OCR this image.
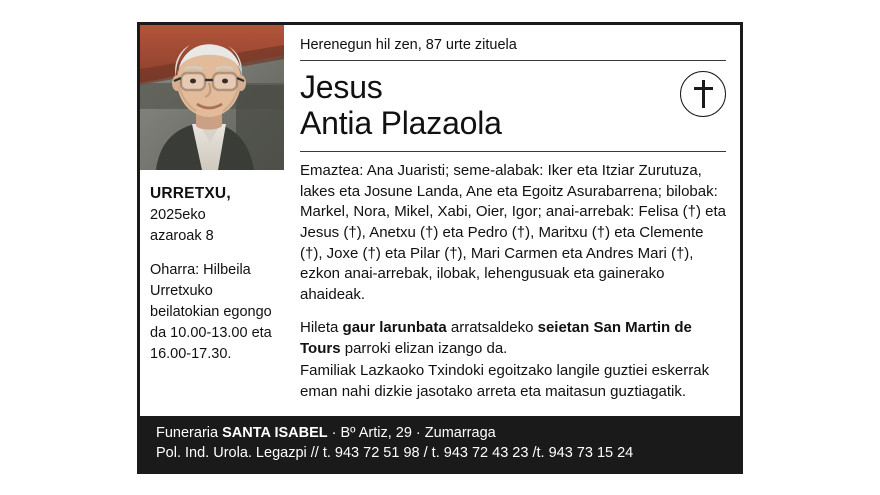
URRETXU,
2025eko
azaroak 8
Oharra: Hilbeila Urretxuko beilatokian egongo da 10.00-13.00 eta 16.00-17.30.
Herenegun hil zen, 87 urte zituela
Jesus
Antia Plazaola
Emaztea: Ana Juaristi; seme-alabak: Iker eta Itziar Zurutuza, lakes eta Josune Landa, Ane eta Egoitz Asurabarrena; bilobak: Markel, Nora, Mikel, Xabi, Oier, Igor; anai-arrebak: Felisa (†) eta Jesus (†), Anetxu (†) eta Pedro (†), Maritxu (†) eta Clemente (†), Joxe (†) eta Pilar (†), Mari Carmen eta Andres Mari (†), ezkon anai-arrebak, ilobak, lehengusuak eta gainerako ahaideak.
Hileta gaur larunbata arratsaldeko seietan San Martin de Tours parroki elizan izango da.
Familiak Lazkaoko Txindoki egoitzako langile guztiei eskerrak eman nahi dizkie jasotako arreta eta maitasun guztiagatik.
Funeraria SANTA ISABEL · Bº Artiz, 29 · Zumarraga
Pol. Ind. Urola. Legazpi // t. 943 72 51 98 / t. 943 72 43 23 /t. 943 73 15 24
